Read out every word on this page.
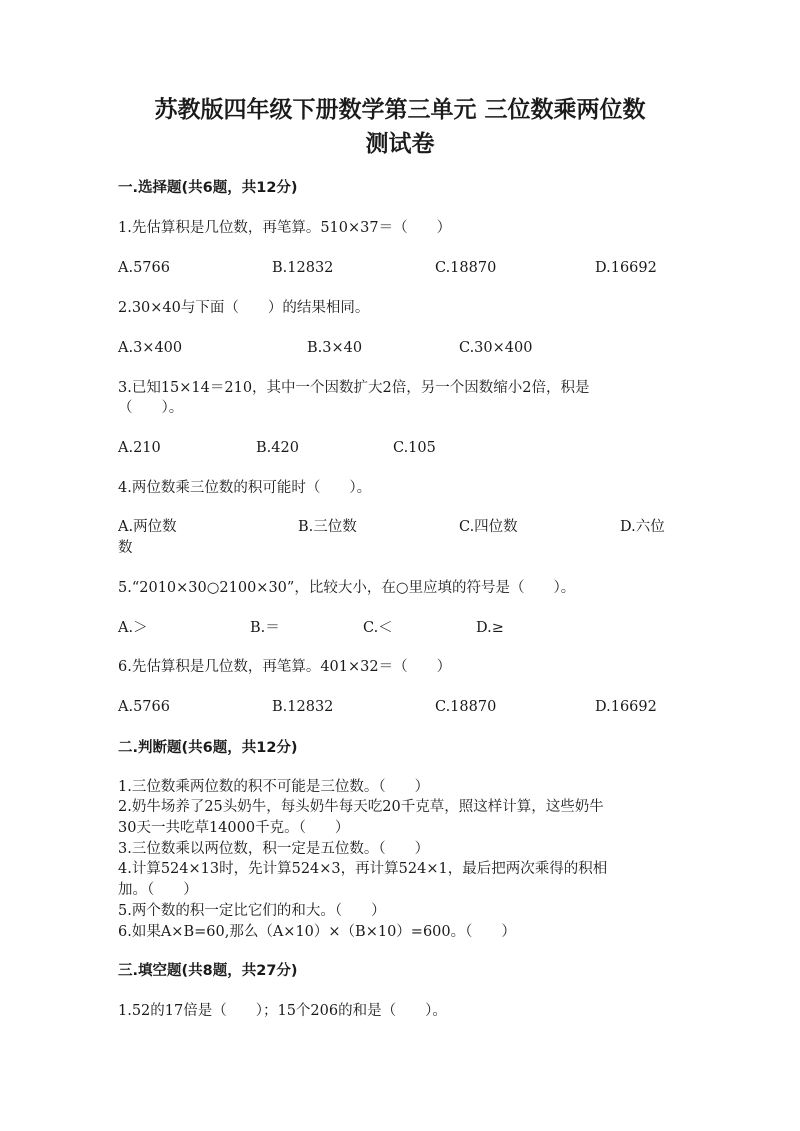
苏教版四年级下册数学第三单元 三位数乘两位数
测试卷
一.选择题(共6题，共12分)
1.先估算积是几位数，再笔算。510×37＝（　　）
A.5766	B.12832	C.18870	D.16692
2.30×40与下面（　　）的结果相同。
A.3×400	B.3×40	C.30×400
3.已知15×14＝210，其中一个因数扩大2倍，另一个因数缩小2倍，积是
（　　）。
A.210	B.420	C.105
4.两位数乘三位数的积可能时（　　）。
A.两位数	B.三位数	C.四位数	D.六位
数
5.“2010×30○2100×30”，比较大小，在○里应填的符号是（　　）。
A.＞	B.＝	C.＜	D.≥
6.先估算积是几位数，再笔算。401×32＝（　　）
A.5766	B.12832	C.18870	D.16692
二.判断题(共6题，共12分)
1.三位数乘两位数的积不可能是三位数。（　　）
2.奶牛场养了25头奶牛，每头奶牛每天吃20千克草，照这样计算，这些奶牛
30天一共吃草14000千克。（　　）
3.三位数乘以两位数，积一定是五位数。（　　）
4.计算524×13时，先计算524×3，再计算524×1，最后把两次乘得的积相
加。（　　）
5.两个数的积一定比它们的和大。（　　）
6.如果A×B=60,那么（A×10）×（B×10）=600。（　　）
三.填空题(共8题，共27分)
1.52的17倍是（　　）；15个206的和是（　　）。
